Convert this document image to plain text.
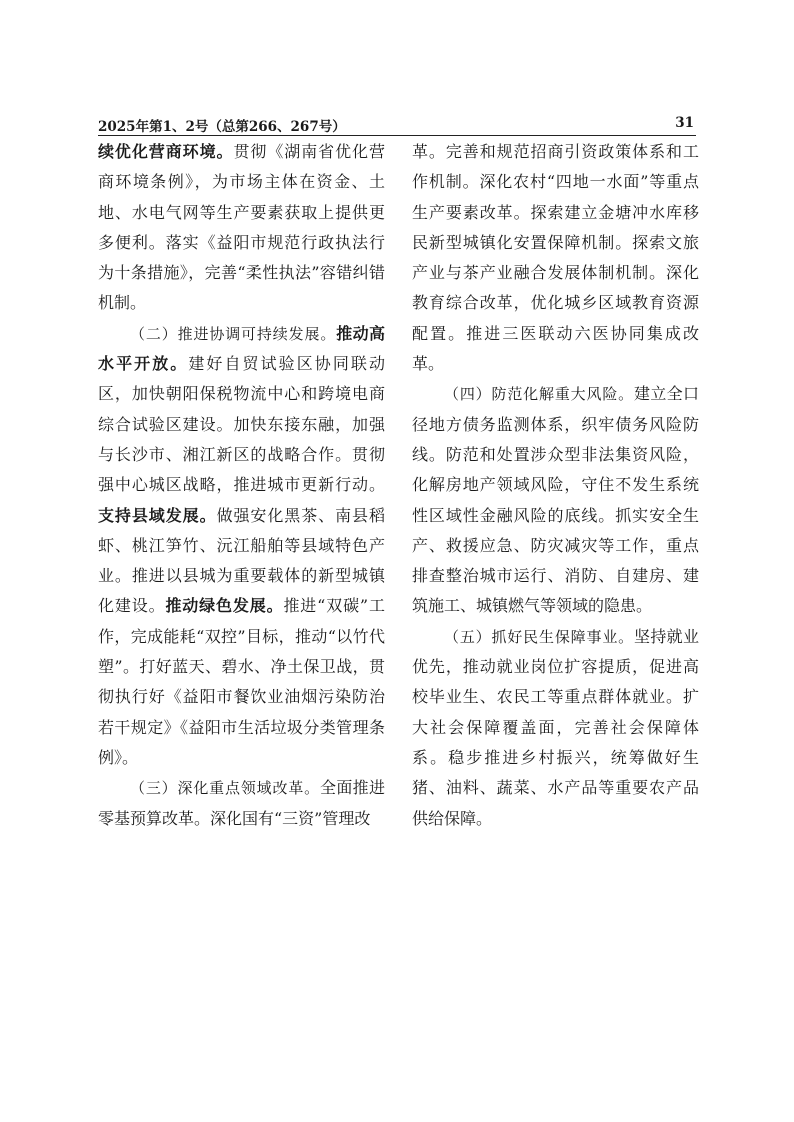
2025年第1、2号（总第266、267号）	31

续优化营商环境。贯彻《湖南省优化营商环境条例》，为市场主体在资金、土地、水电气网等生产要素获取上提供更多便利。落实《益阳市规范行政执法行为十条措施》，完善“柔性执法”容错纠错机制。

（二）推进协调可持续发展。推动高水平开放。建好自贸试验区协同联动区，加快朝阳保税物流中心和跨境电商综合试验区建设。加快东接东融，加强与长沙市、湘江新区的战略合作。贯彻强中心城区战略，推进城市更新行动。支持县域发展。做强安化黑茶、南县稻虾、桃江笋竹、沅江船舶等县域特色产业。推进以县城为重要载体的新型城镇化建设。推动绿色发展。推进“双碳”工作，完成能耗“双控”目标，推动“以竹代塑”。打好蓝天、碧水、净土保卫战，贯彻执行好《益阳市餐饮业油烟污染防治若干规定》《益阳市生活垃圾分类管理条例》。

（三）深化重点领域改革。全面推进零基预算改革。深化国有“三资”管理改

革。完善和规范招商引资政策体系和工作机制。深化农村“四地一水面”等重点生产要素改革。探索建立金塘冲水库移民新型城镇化安置保障机制。探索文旅产业与茶产业融合发展体制机制。深化教育综合改革，优化城乡区域教育资源配置。推进三医联动六医协同集成改革。

（四）防范化解重大风险。建立全口径地方债务监测体系，织牢债务风险防线。防范和处置涉众型非法集资风险，化解房地产领域风险，守住不发生系统性区域性金融风险的底线。抓实安全生产、救援应急、防灾减灾等工作，重点排查整治城市运行、消防、自建房、建筑施工、城镇燃气等领域的隐患。

（五）抓好民生保障事业。坚持就业优先，推动就业岗位扩容提质，促进高校毕业生、农民工等重点群体就业。扩大社会保障覆盖面，完善社会保障体系。稳步推进乡村振兴，统筹做好生猪、油料、蔬菜、水产品等重要农产品供给保障。
